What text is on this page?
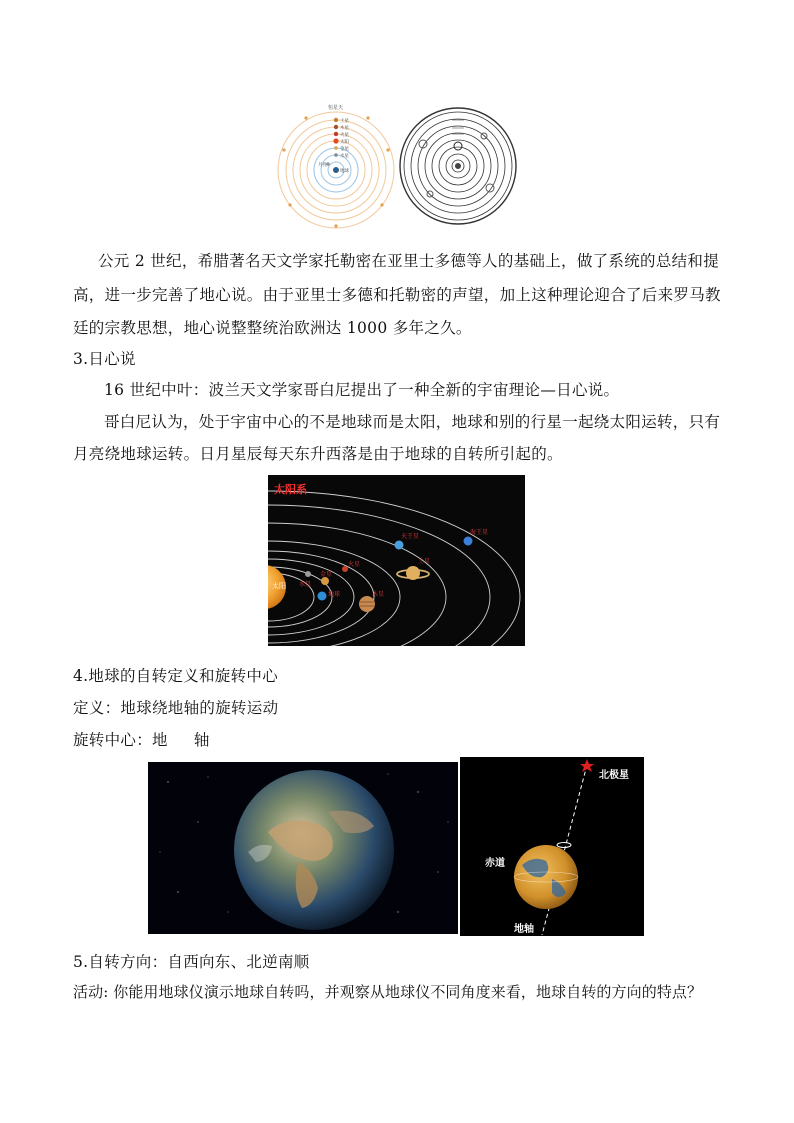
恒星天
土星
木星
火星
太阳
金星
水星
月亮
地球
公元 2 世纪，希腊著名天文学家托勒密在亚里士多德等人的基础上，做了系统的总结和提
高，进一步完善了地心说。由于亚里士多德和托勒密的声望，加上这种理论迎合了后来罗马教
廷的宗教思想，地心说整整统治欧洲达 1000 多年之久。
3.日心说
16 世纪中叶：波兰天文学家哥白尼提出了一种全新的宇宙理论—日心说。
哥白尼认为，处于宇宙中心的不是地球而是太阳，地球和别的行星一起绕太阳运转，只有
月亮绕地球运转。日月星辰每天东升西落是由于地球的自转所引起的。
太阳 水星
金星
地球
火星
木星
土星
天王星
海王星
太阳系
4.地球的自转定义和旋转中心
定义：地球绕地轴的旋转运动
旋转中心：地     轴
北极星
赤道
地轴
5.自转方向：自西向东、北逆南顺
活动: 你能用地球仪演示地球自转吗，并观察从地球仪不同角度来看，地球自转的方向的特点？
